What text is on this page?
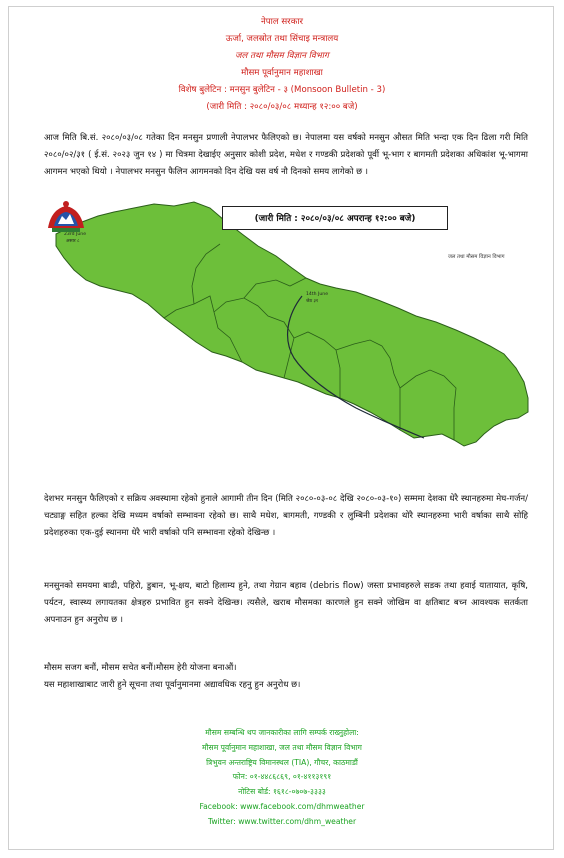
नेपाल सरकार
ऊर्जा, जलस्रोत तथा सिंचाइ मन्त्रालय
जल तथा मौसम विज्ञान विभाग
मौसम पूर्वानुमान महाशाखा
विशेष बुलेटिन : मनसुन बुलेटिन - ३ (Monsoon Bulletin - 3)
(जारी मिति : २०८०/०३/०८ मध्यान्ह १२:०० बजे)

आज मिति बि.सं. २०८०/०३/०८ गतेका दिन मनसुन प्रणाली नेपालभर फैलिएको छ। नेपालमा यस वर्षको मनसुन औसत मिति भन्दा एक दिन ढिला गरी मिति २०८०/०२/३१ ( ई.सं. २०२३ जुन १४ ) मा चित्रमा देखाईए अनुसार कोशी प्रदेश, मधेश र गण्डकी प्रदेशको पूर्वी भू-भाग र बागमती प्रदेशका अधिकांश भू-भागमा आगमन भएको थियो । नेपालभर मनसुन फैलिन आगमनको दिन देखि यस वर्ष नौ दिनको समय लागेको छ ।

(जारी मिति : २०८०/०३/०८ अपरान्ह १२:०० बजे)
23rd June
असार ८
14th June
जेठ ३१
जल तथा मौसम विज्ञान विभाग

देशभर मनसुन फैलिएको र सक्रिय अवस्थामा रहेको हुनाले आगामी तीन दिन (मिति २०८०-०३-०८ देखि २०८०-०३-१०) सम्ममा देशका धेरै स्थानहरुमा मेघ-गर्जन/चट्याङ्ग सहित हल्का देखि मध्यम वर्षाको सम्भावना रहेको छ। साथै मधेश, बागमती, गण्डकी र लुम्बिनी प्रदेशका थोरै स्थानहरुमा भारी वर्षाका साथै सोहि प्रदेशहरुका एक-दुई स्थानमा धेरै भारी वर्षाको पनि सम्भावना रहेको देखिन्छ ।

मनसुनको समयमा बाढी, पहिरो, डुबान, भू-क्षय, बाटो हिलाम्य हुने, तथा गेग्रान बहाव (debris flow) जस्ता प्रभावहरुले सडक तथा हवाई यातायात, कृषि, पर्यटन, स्वास्थ्य लगायतका क्षेत्रहरु प्रभावित हुन सक्ने देखिन्छ। त्यसैले, खराब मौसमका कारणले हुन सक्ने जोखिम वा क्षतिबाट बच्न आवश्यक सतर्कता अपनाउन हुन अनुरोध छ ।

मौसम सजग बनौं, मौसम सचेत बनौं।मौसम हेरी योजना बनाऔं।
यस महाशाखाबाट जारी हुने सूचना तथा पूर्वानुमानमा अद्यावधिक रहनु हुन अनुरोध छ।

मौसम सम्बन्धि थप जानकारीका लागि सम्पर्क राख्नुहोला:
मौसम पूर्वानुमान महाशाखा, जल तथा मौसम विज्ञान विभाग
त्रिभुवन अन्तराष्ट्रिय विमानस्थल (TIA), गौचर, काठमाडौं
फोन: ०१-४४८६८६९, ०१-४११३१९१
नोटिस बोर्ड: १६१८-०७०७-३३३३
Facebook: www.facebook.com/dhmweather
Twitter: www.twitter.com/dhm_weather
